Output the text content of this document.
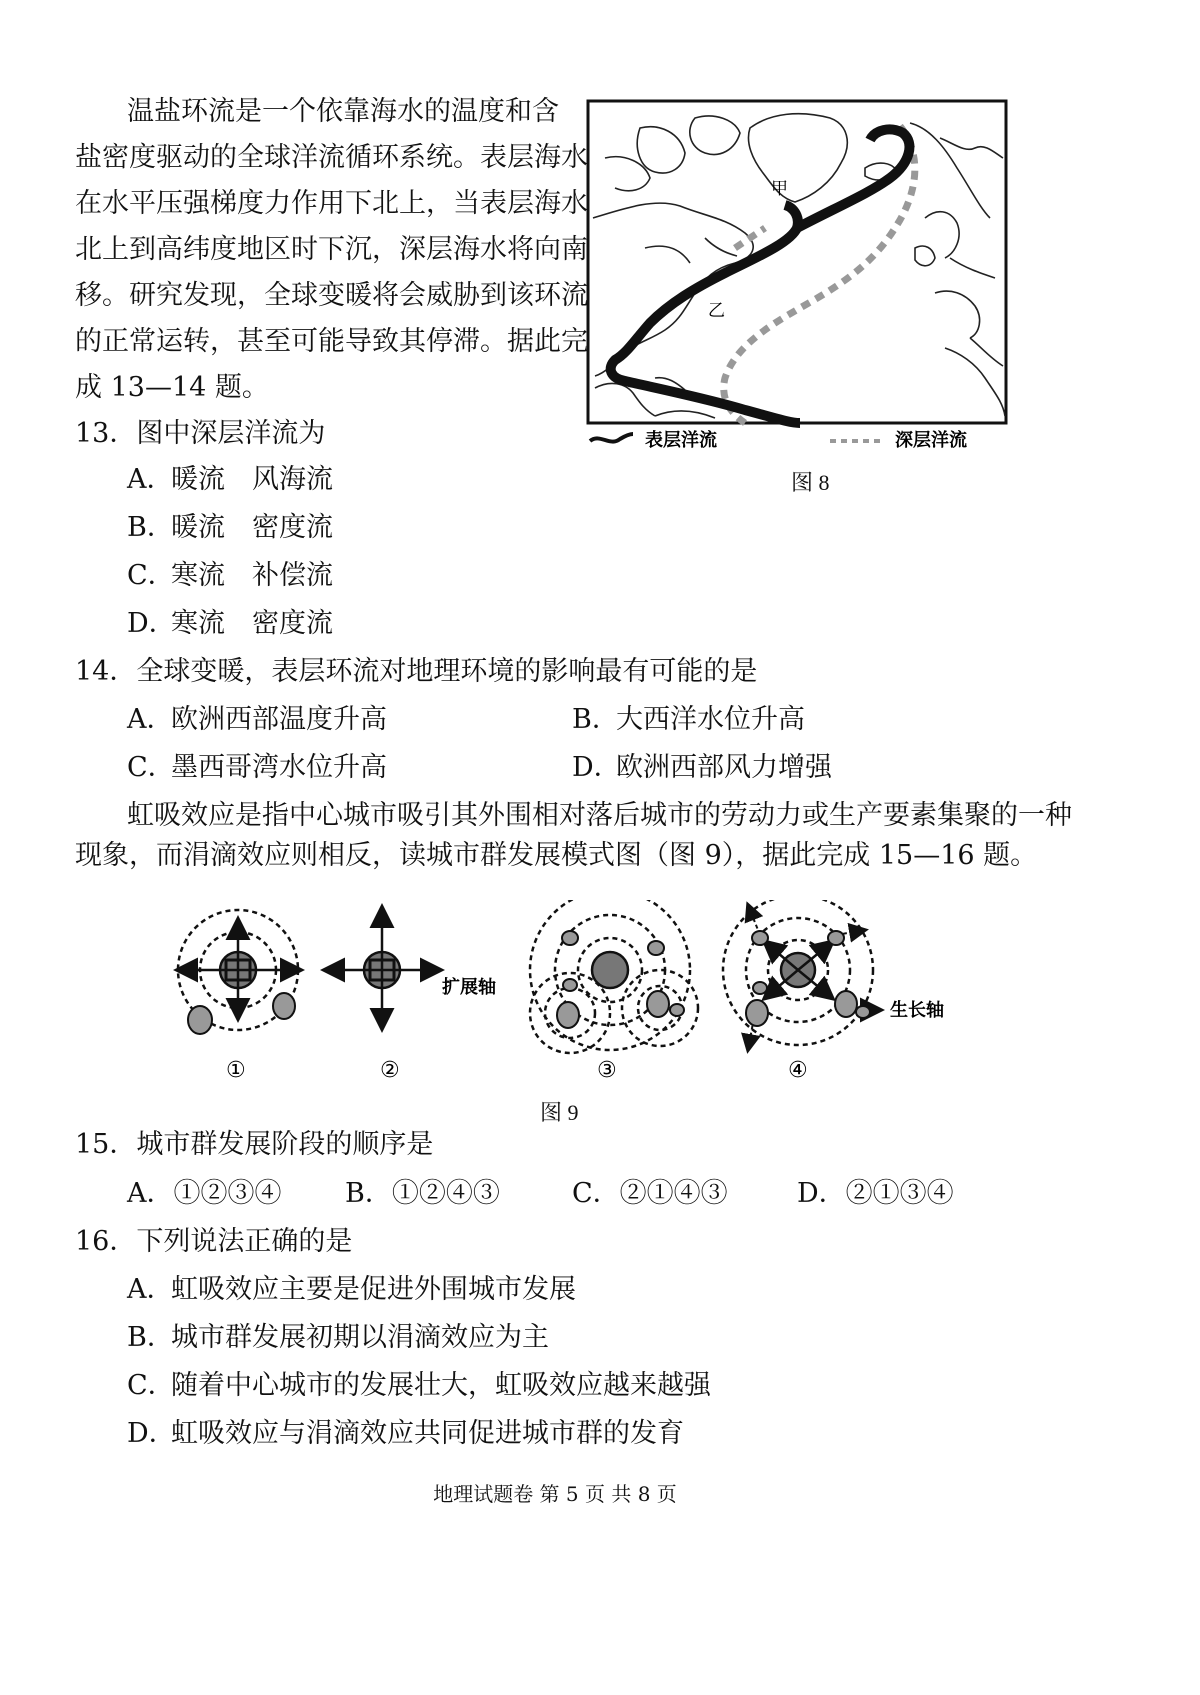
温盐环流是一个依靠海水的温度和含
盐密度驱动的全球洋流循环系统。表层海水
在水平压强梯度力作用下北上，当表层海水
北上到高纬度地区时下沉，深层海水将向南
移。研究发现，全球变暖将会威胁到该环流
的正常运转，甚至可能导致其停滞。据此完
成 13—14 题。
甲
乙
表层洋流	深层洋流
图 8
13．图中深层洋流为
A．暖流　风海流
B．暖流　密度流
C．寒流　补偿流
D．寒流　密度流
14．全球变暖，表层环流对地理环境的影响最有可能的是
A．欧洲西部温度升高	B．大西洋水位升高
C．墨西哥湾水位升高	D．欧洲西部风力增强
虹吸效应是指中心城市吸引其外围相对落后城市的劳动力或生产要素集聚的一种
现象，而涓滴效应则相反，读城市群发展模式图（图 9），据此完成 15—16 题。
①
扩展轴
②	③
生长轴
④
图 9
15．城市群发展阶段的顺序是
A．①②③④ B．①②④③	C．②①④③	D．②①③④
16．下列说法正确的是
A．虹吸效应主要是促进外围城市发展
B．城市群发展初期以涓滴效应为主
C．随着中心城市的发展壮大，虹吸效应越来越强
D．虹吸效应与涓滴效应共同促进城市群的发育
地理试题卷 第 5 页 共 8 页
